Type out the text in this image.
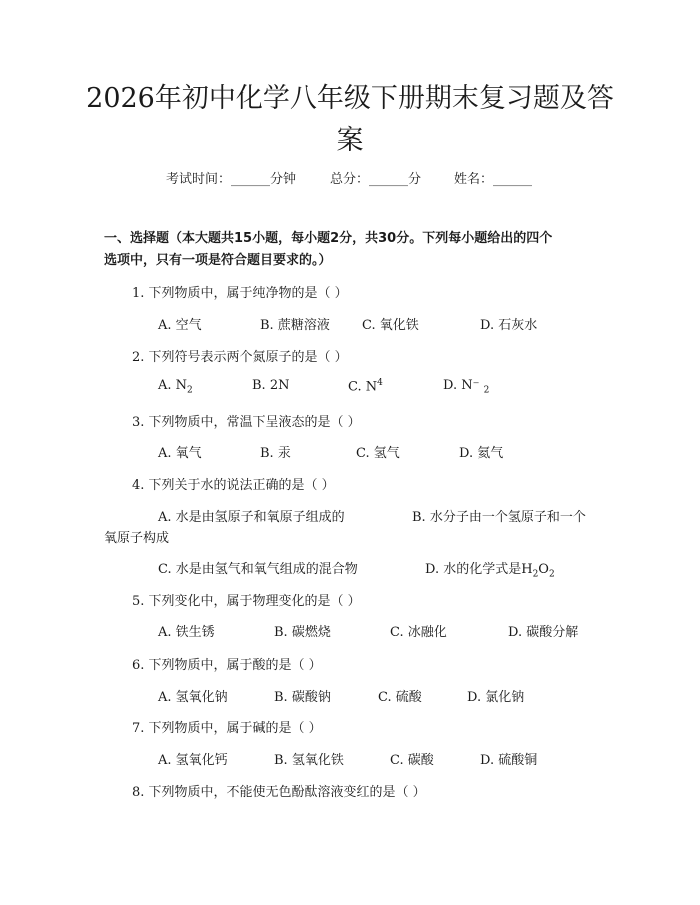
2026年初中化学八年级下册期末复习题及答
案
考试时间：______分钟	总分：______分	姓名：______
一、选择题（本大题共15小题，每小题2分，共30分。下列每小题给出的四个
选项中，只有一项是符合题目要求的。）
1. 下列物质中，属于纯净物的是（ ）
A. 空气	B. 蔗糖溶液 C. 氧化铁	D. 石灰水
2. 下列符号表示两个氮原子的是（ ）
A. $N_2$	B. 2N	C. $N^4$	D. N⁻ $_2$
3. 下列物质中，常温下呈液态的是（ ）
A. 氧气	B. 汞	C. 氢气	D. 氦气
4. 下列关于水的说法正确的是（ ）
A. 水是由氢原子和氧原子组成的	B. 水分子由一个氢原子和一个
氧原子构成
C. 水是由氢气和氧气组成的混合物	D. 水的化学式是$H_2O_2$
5. 下列变化中，属于物理变化的是（ ）
A. 铁生锈	B. 碳燃烧	C. 冰融化	D. 碳酸分解
6. 下列物质中，属于酸的是（ ）
A. 氢氧化钠	B. 碳酸钠	C. 硫酸	D. 氯化钠
7. 下列物质中，属于碱的是（ ）
A. 氢氧化钙	B. 氢氧化铁	C. 碳酸	D. 硫酸铜
8. 下列物质中，不能使无色酚酞溶液变红的是（ ）
